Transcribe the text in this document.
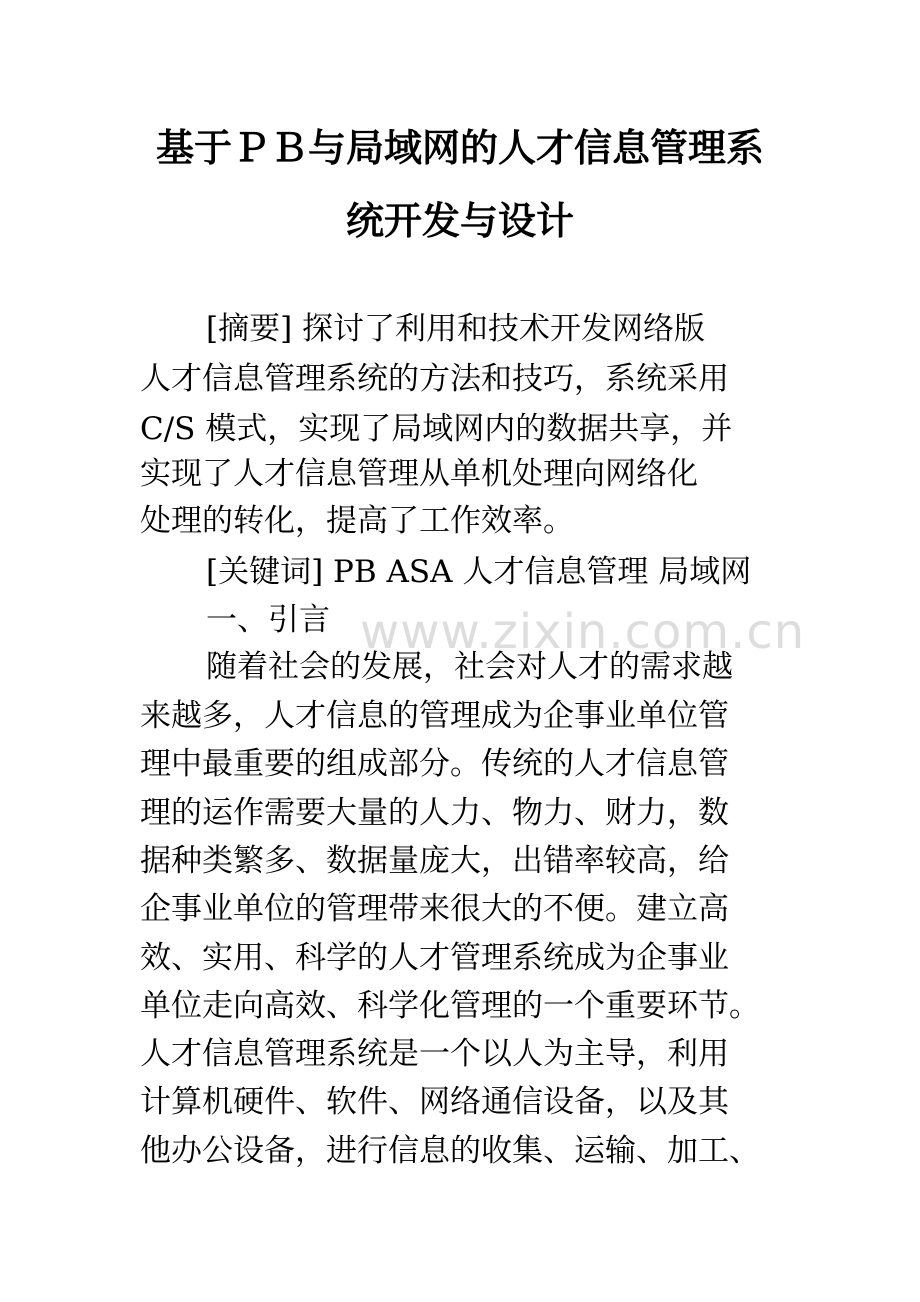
基于ＰＢ与局域网的人才信息管理系
统开发与设计

[摘要] 探讨了利用和技术开发网络版

人才信息管理系统的方法和技巧，系统采用

C/S 模式，实现了局域网内的数据共享，并

实现了人才信息管理从单机处理向网络化

处理的转化，提高了工作效率。

[关键词] PB ASA 人才信息管理 局域网

一、引言 www.zixin.com.cn

随着社会的发展，社会对人才的需求越

来越多，人才信息的管理成为企事业单位管

理中最重要的组成部分。传统的人才信息管

理的运作需要大量的人力、物力、财力，数

据种类繁多、数据量庞大，出错率较高，给

企事业单位的管理带来很大的不便。建立高

效、实用、科学的人才管理系统成为企事业

单位走向高效、科学化管理的一个重要环节。

人才信息管理系统是一个以人为主导，利用

计算机硬件、软件、网络通信设备，以及其

他办公设备，进行信息的收集、运输、加工、
